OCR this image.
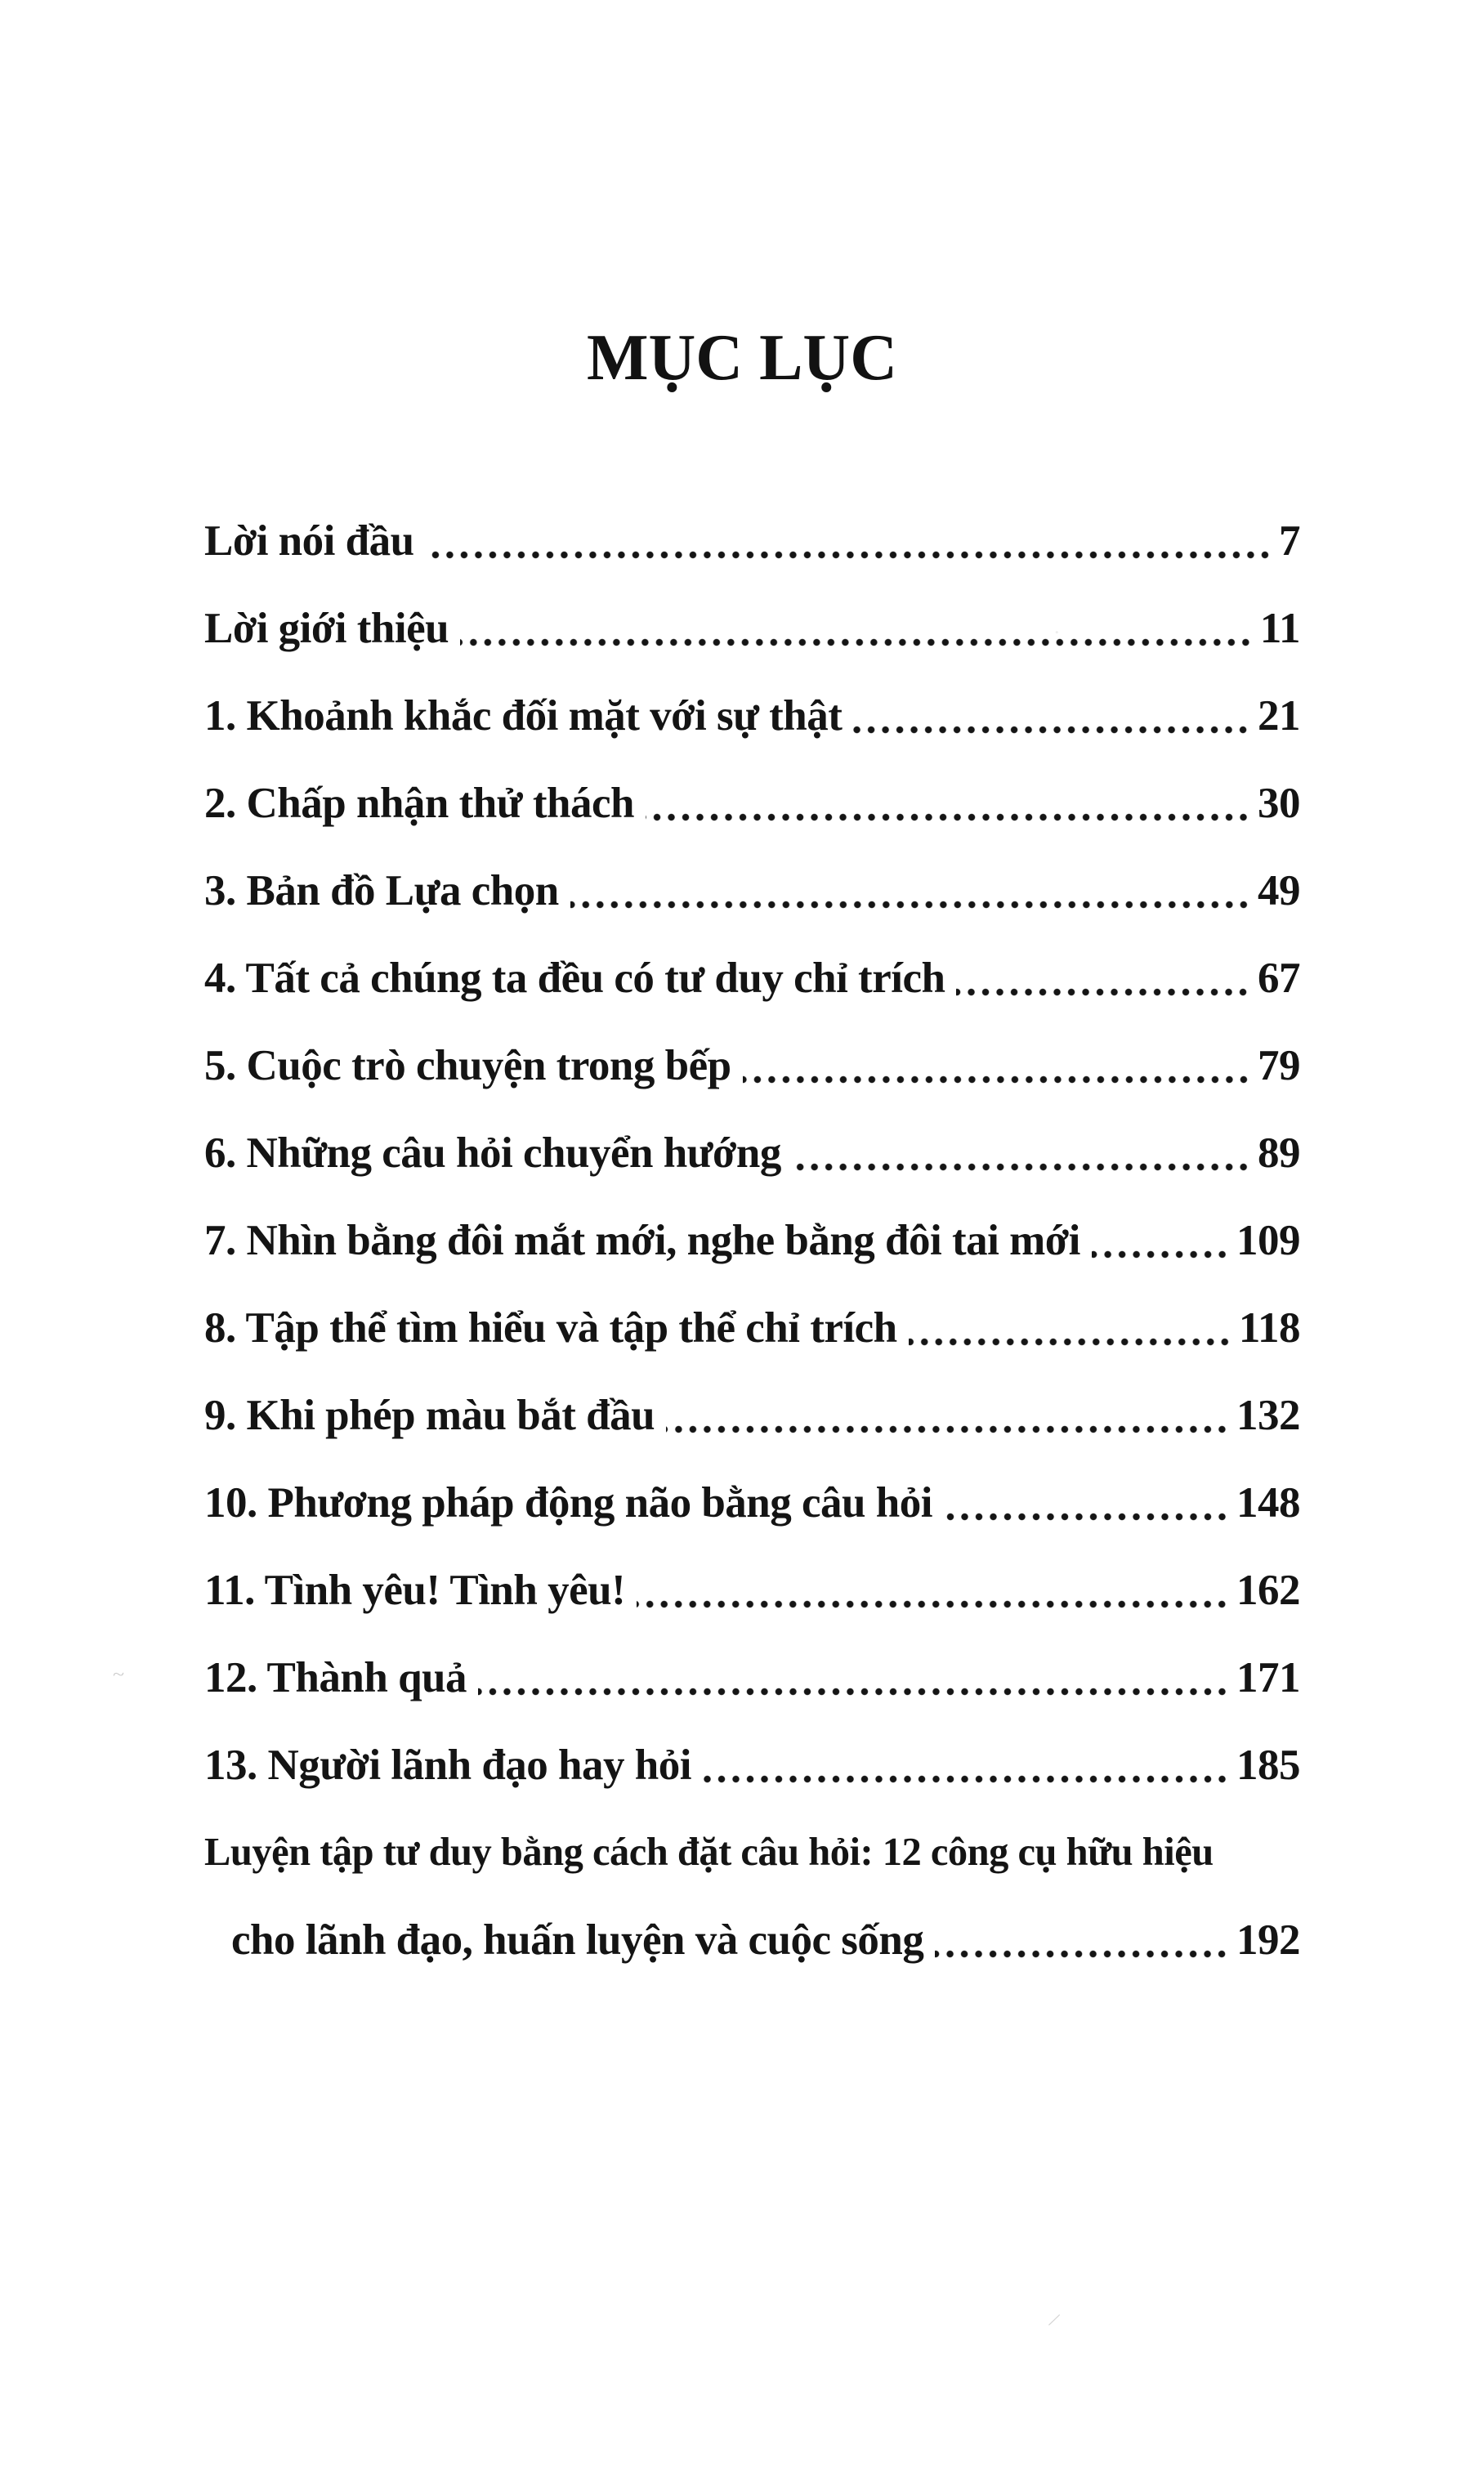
MỤC LỤC
Lời nói đầu	7
Lời giới thiệu	11
1. Khoảnh khắc đối mặt với sự thật	21
2. Chấp nhận thử thách	30
3. Bản đồ Lựa chọn	49
4. Tất cả chúng ta đều có tư duy chỉ trích	67
5. Cuộc trò chuyện trong bếp	79
6. Những câu hỏi chuyển hướng	89
7. Nhìn bằng đôi mắt mới, nghe bằng đôi tai mới	109
8. Tập thể tìm hiểu và tập thể chỉ trích	118
9. Khi phép màu bắt đầu	132
10. Phương pháp động não bằng câu hỏi	148
11. Tình yêu! Tình yêu!	162
12. Thành quả	171
13. Người lãnh đạo hay hỏi	185
Luyện tập tư duy bằng cách đặt câu hỏi: 12 công cụ hữu hiệu
cho lãnh đạo, huấn luyện và cuộc sống	192
~
\
.
